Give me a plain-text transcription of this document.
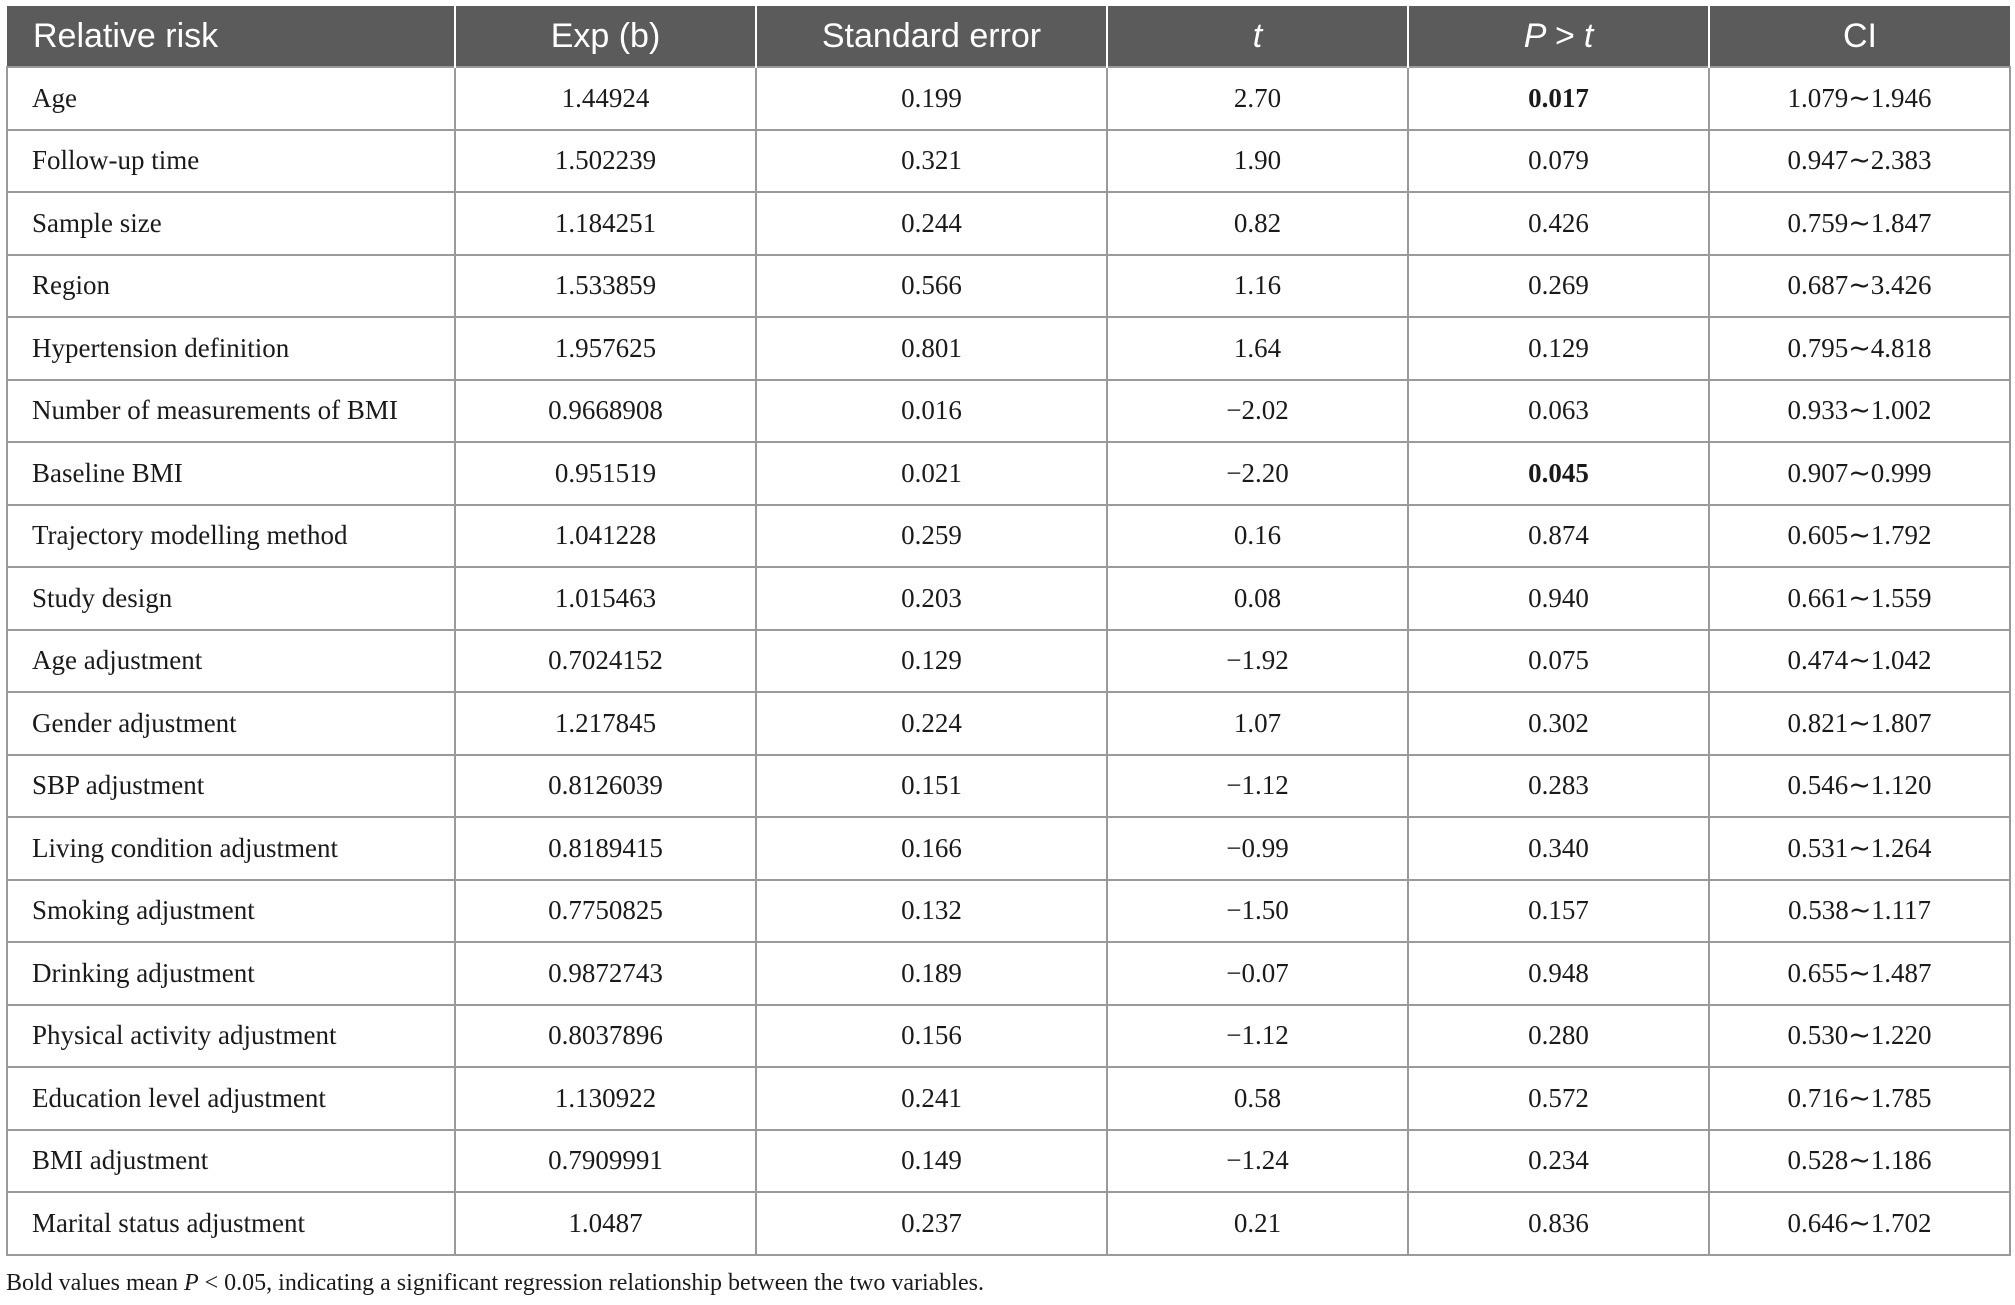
Relative risk	Exp (b)	Standard error	t	P > t	CI
Age	1.44924	0.199	2.70	0.017	1.079∼1.946
Follow-up time	1.502239	0.321	1.90	0.079	0.947∼2.383
Sample size	1.184251	0.244	0.82	0.426	0.759∼1.847
Region	1.533859	0.566	1.16	0.269	0.687∼3.426
Hypertension definition	1.957625	0.801	1.64	0.129	0.795∼4.818
Number of measurements of BMI	0.9668908	0.016	−2.02	0.063	0.933∼1.002
Baseline BMI	0.951519	0.021	−2.20	0.045	0.907∼0.999
Trajectory modelling method	1.041228	0.259	0.16	0.874	0.605∼1.792
Study design	1.015463	0.203	0.08	0.940	0.661∼1.559
Age adjustment	0.7024152	0.129	−1.92	0.075	0.474∼1.042
Gender adjustment	1.217845	0.224	1.07	0.302	0.821∼1.807
SBP adjustment	0.8126039	0.151	−1.12	0.283	0.546∼1.120
Living condition adjustment	0.8189415	0.166	−0.99	0.340	0.531∼1.264
Smoking adjustment	0.7750825	0.132	−1.50	0.157	0.538∼1.117
Drinking adjustment	0.9872743	0.189	−0.07	0.948	0.655∼1.487
Physical activity adjustment	0.8037896	0.156	−1.12	0.280	0.530∼1.220
Education level adjustment	1.130922	0.241	0.58	0.572	0.716∼1.785
BMI adjustment	0.7909991	0.149	−1.24	0.234	0.528∼1.186
Marital status adjustment	1.0487	0.237	0.21	0.836	0.646∼1.702
Bold values mean P < 0.05, indicating a significant regression relationship between the two variables.
